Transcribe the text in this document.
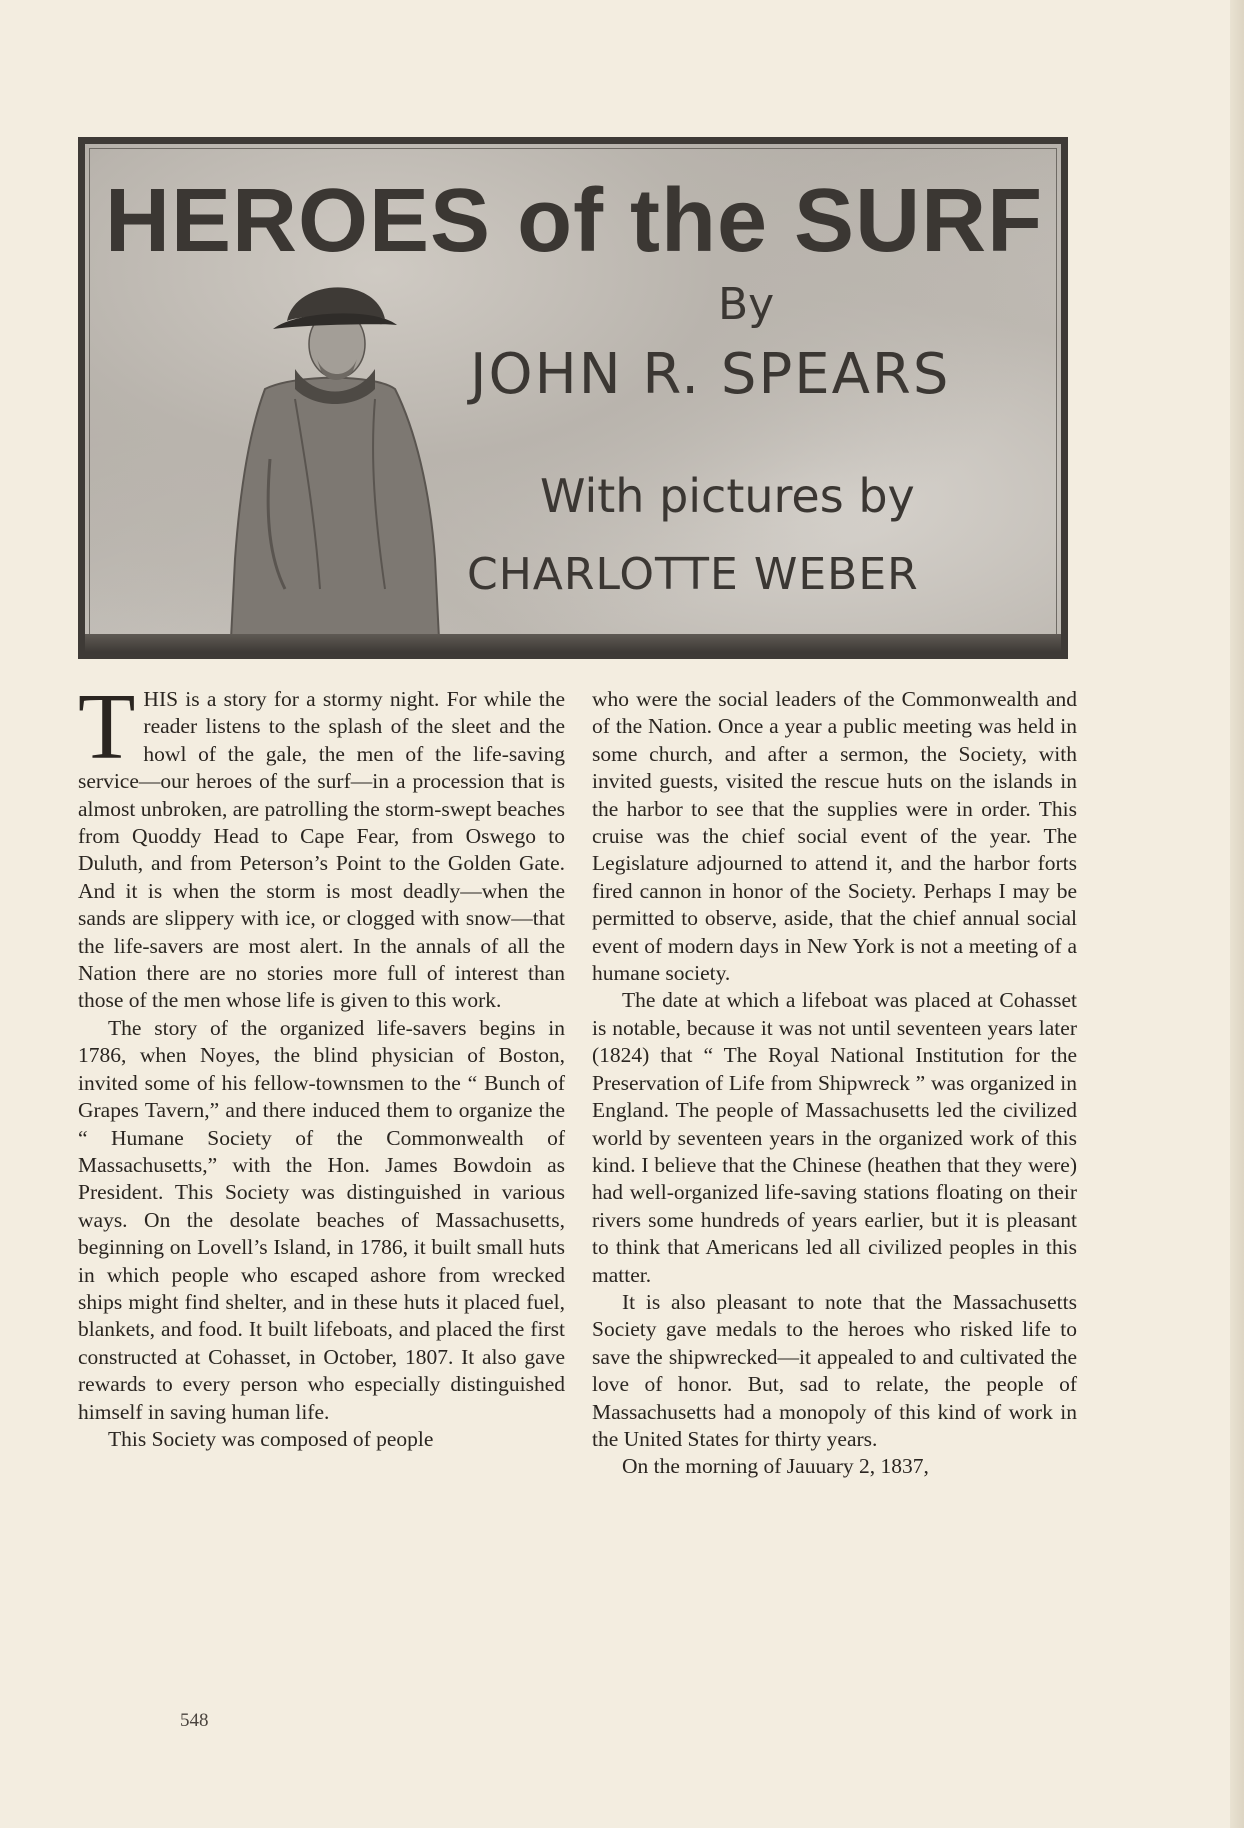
HEROES of the SURF
By
JOHN R. SPEARS
With pictures by
CHARLOTTE WEBER

THIS is a story for a stormy night. For while the reader listens to the splash of the sleet and the howl of the gale, the men of the life-saving service—our heroes of the surf—in a procession that is almost unbroken, are patrolling the storm-swept beaches from Quoddy Head to Cape Fear, from Oswego to Duluth, and from Peterson’s Point to the Golden Gate. And it is when the storm is most deadly—when the sands are slippery with ice, or clogged with snow—that the life-savers are most alert. In the annals of all the Nation there are no stories more full of interest than those of the men whose life is given to this work.

The story of the organized life-savers begins in 1786, when Noyes, the blind physician of Boston, invited some of his fellow-townsmen to the “ Bunch of Grapes Tavern,” and there induced them to organize the “ Humane Society of the Commonwealth of Massachusetts,” with the Hon. James Bowdoin as President. This Society was distinguished in various ways. On the desolate beaches of Massachusetts, beginning on Lovell’s Island, in 1786, it built small huts in which people who escaped ashore from wrecked ships might find shelter, and in these huts it placed fuel, blankets, and food. It built lifeboats, and placed the first constructed at Cohasset, in October, 1807. It also gave rewards to every person who especially distinguished himself in saving human life.

This Society was composed of people

who were the social leaders of the Commonwealth and of the Nation. Once a year a public meeting was held in some church, and after a sermon, the Society, with invited guests, visited the rescue huts on the islands in the harbor to see that the supplies were in order. This cruise was the chief social event of the year. The Legislature adjourned to attend it, and the harbor forts fired cannon in honor of the Society. Perhaps I may be permitted to observe, aside, that the chief annual social event of modern days in New York is not a meeting of a humane society.

The date at which a lifeboat was placed at Cohasset is notable, because it was not until seventeen years later (1824) that “ The Royal National Institution for the Preservation of Life from Shipwreck ” was organized in England. The people of Massachusetts led the civilized world by seventeen years in the organized work of this kind. I believe that the Chinese (heathen that they were) had well-organized life-saving stations floating on their rivers some hundreds of years earlier, but it is pleasant to think that Americans led all civilized peoples in this matter.

It is also pleasant to note that the Massachusetts Society gave medals to the heroes who risked life to save the shipwrecked—it appealed to and cultivated the love of honor. But, sad to relate, the people of Massachusetts had a monopoly of this kind of work in the United States for thirty years.

On the morning of Jauuary 2, 1837,

548
